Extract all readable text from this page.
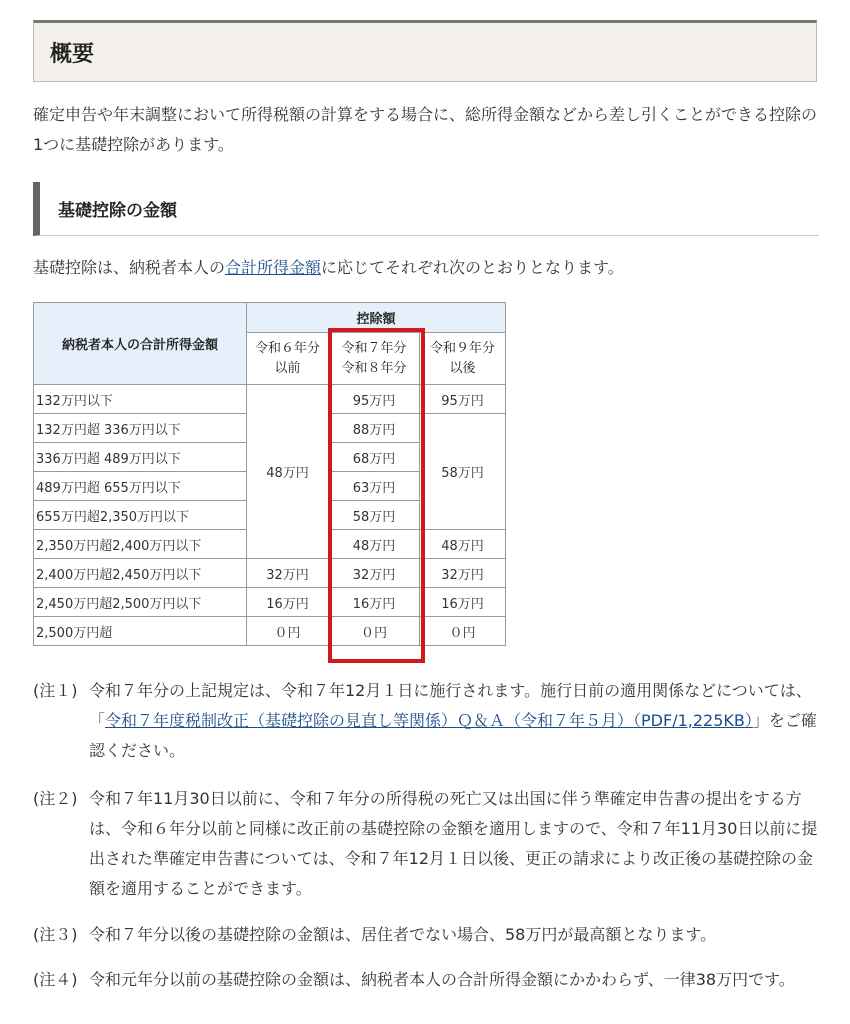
概要

確定申告や年末調整において所得税額の計算をする場合に、総所得金額などから差し引くことができる控除の1つに基礎控除があります。

基礎控除の金額
基礎控除は、納税者本人の合計所得金額に応じてそれぞれ次のとおりとなります。
納税者本人の合計所得金額	控除額		
	令和６年分以前	令和７年分令和８年分	令和９年分以後
132万円以下	48万円	95万円	95万円
132万円超 336万円以下		88万円	58万円
336万円超 489万円以下		68万円	
489万円超 655万円以下		63万円	
655万円超2,350万円以下		58万円	
2,350万円超2,400万円以下		48万円	48万円
2,400万円超2,450万円以下	32万円	32万円	32万円
2,450万円超2,500万円以下	16万円	16万円	16万円
2,500万円超	０円	０円	０円
(注１) 令和７年分の上記規定は、令和７年12月１日に施行されます。施行日前の適用関係などについては、「令和７年度税制改正（基礎控除の見直し等関係）Ｑ＆Ａ（令和７年５月）（PDF/1,225KB）」をご確認ください。
(注２) 令和７年11月30日以前に、令和７年分の所得税の死亡又は出国に伴う準確定申告書の提出をする方は、令和６年分以前と同様に改正前の基礎控除の金額を適用しますので、令和７年11月30日以前に提出された準確定申告書については、令和７年12月１日以後、更正の請求により改正後の基礎控除の金額を適用することができます。
(注３) 令和７年分以後の基礎控除の金額は、居住者でない場合、58万円が最高額となります。
(注４) 令和元年分以前の基礎控除の金額は、納税者本人の合計所得金額にかかわらず、一律38万円です。
